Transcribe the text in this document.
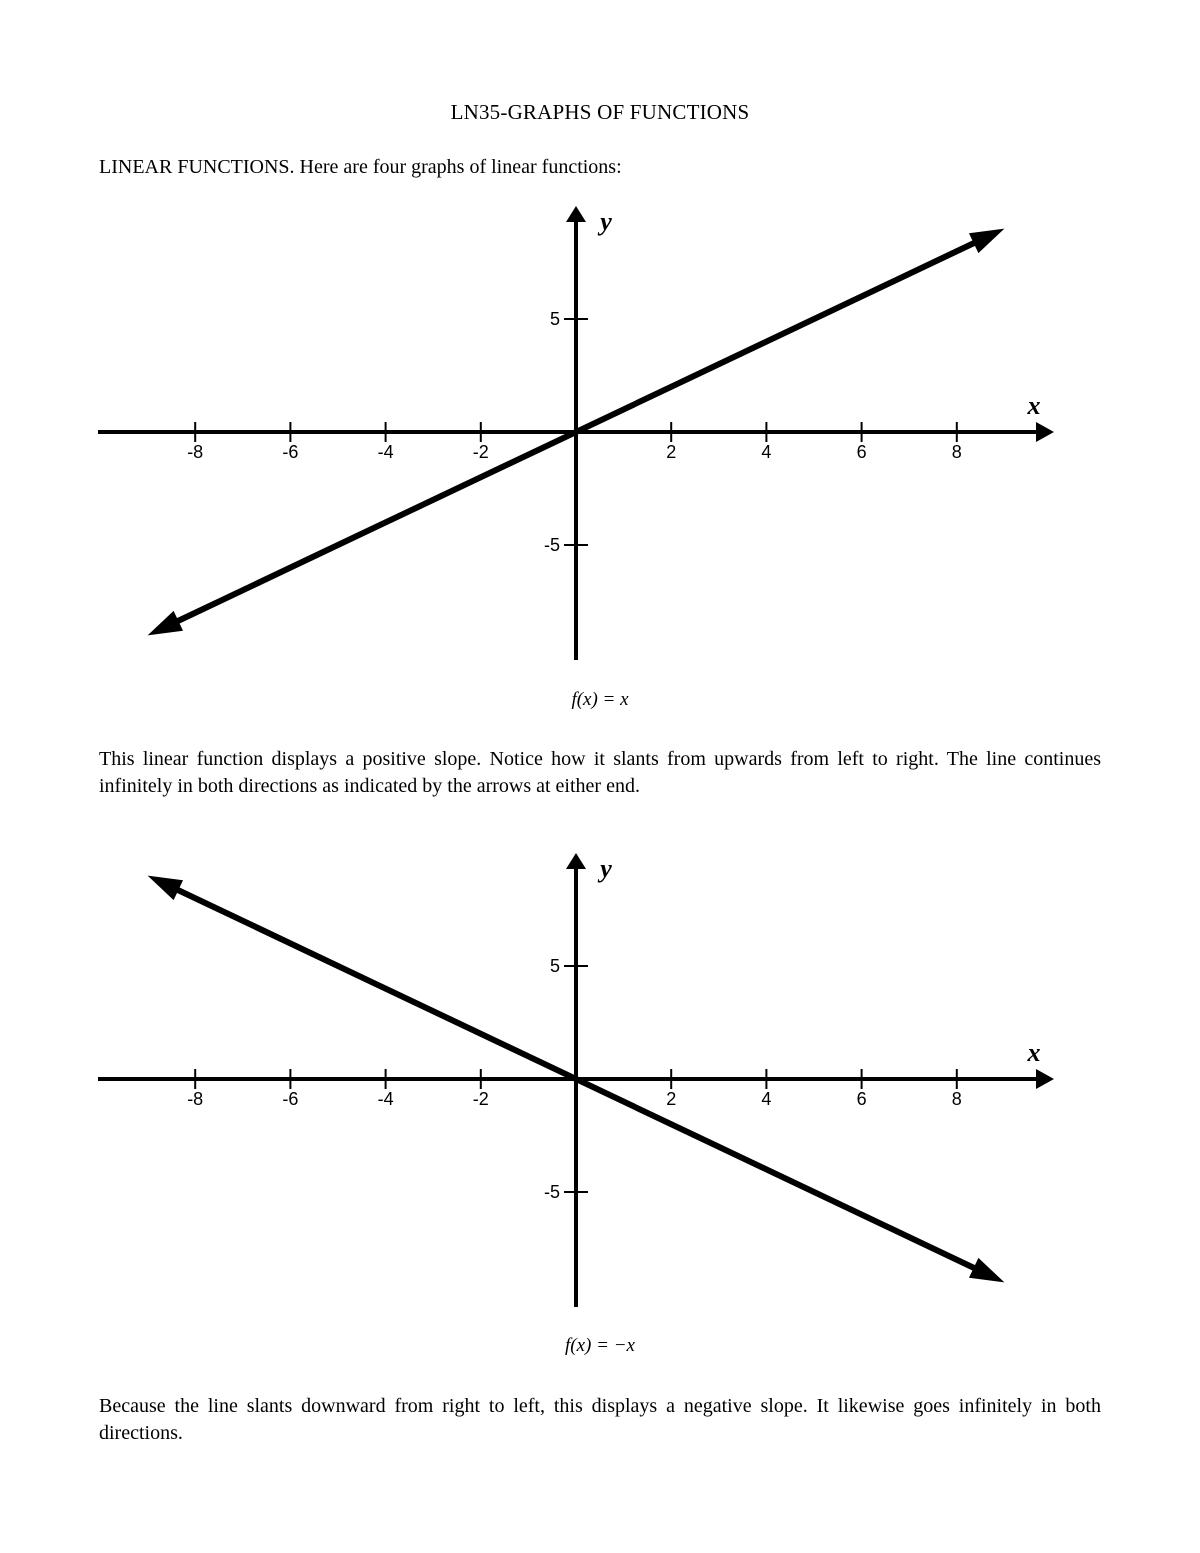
LN35-GRAPHS OF FUNCTIONS
LINEAR FUNCTIONS. Here are four graphs of linear functions:
-8	-6	-4	-2	2	4	6	8
5
-5
x
y
f(x) = x
This linear function displays a positive slope. Notice how it slants from upwards from left to right. The line continues infinitely in both directions as indicated by the arrows at either end.
-8	-6	-4	-2	2	4	6	8
5
-5
x
y
f(x) = −x
Because the line slants downward from right to left, this displays a negative slope. It likewise goes infinitely in both directions.
